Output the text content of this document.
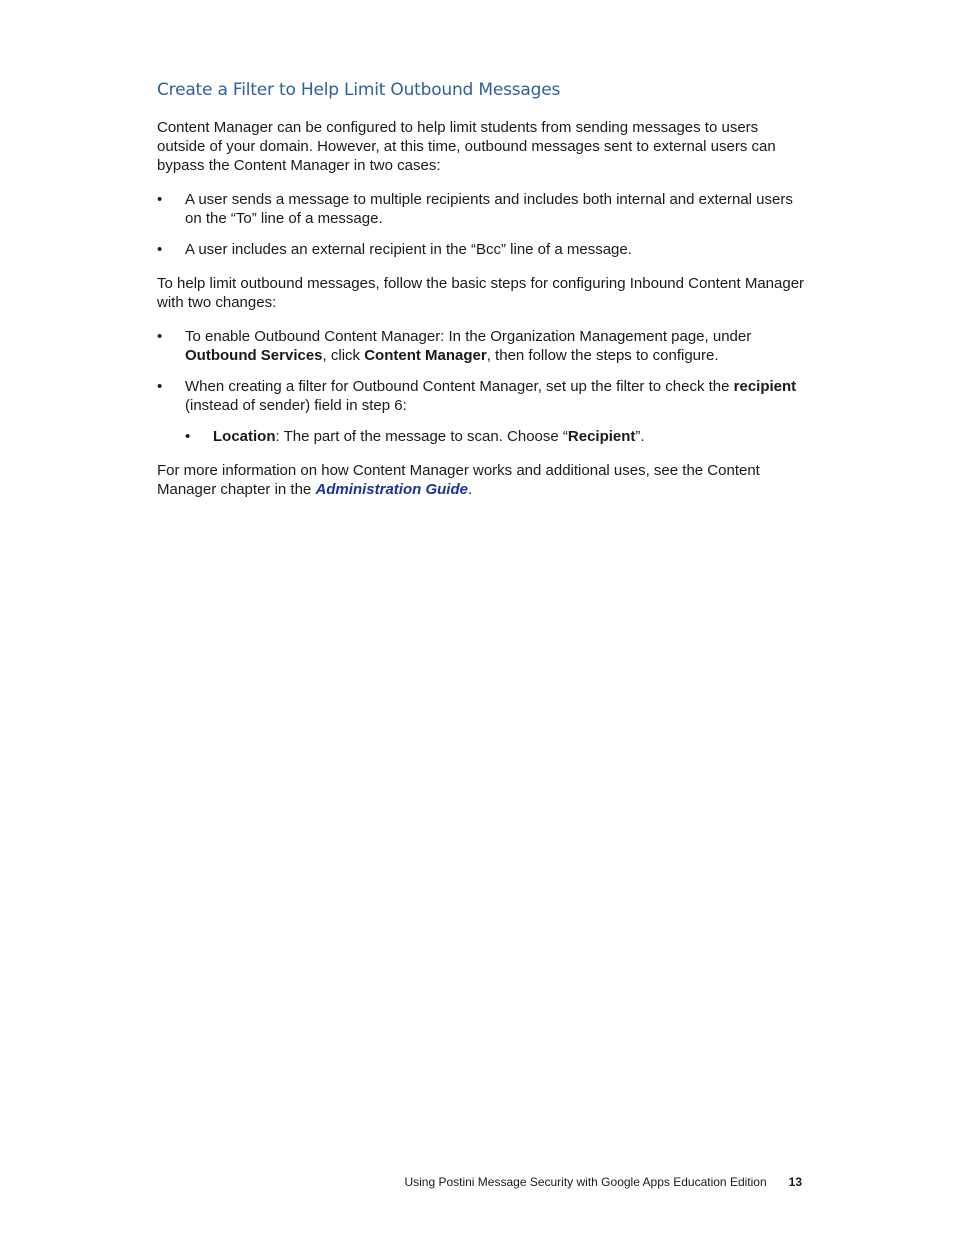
Create a Filter to Help Limit Outbound Messages

Content Manager can be configured to help limit students from sending messages to users outside of your domain. However, at this time, outbound messages sent to external users can bypass the Content Manager in two cases:

• A user sends a message to multiple recipients and includes both internal and external users on the “To” line of a message.
• A user includes an external recipient in the “Bcc” line of a message.

To help limit outbound messages, follow the basic steps for configuring Inbound Content Manager with two changes:

• To enable Outbound Content Manager: In the Organization Management page, under Outbound Services, click Content Manager, then follow the steps to configure.
• When creating a filter for Outbound Content Manager, set up the filter to check the recipient (instead of sender) field in step 6:
• Location: The part of the message to scan. Choose “Recipient”.

For more information on how Content Manager works and additional uses, see the Content Manager chapter in the Administration Guide.

Using Postini Message Security with Google Apps Education Edition 13
